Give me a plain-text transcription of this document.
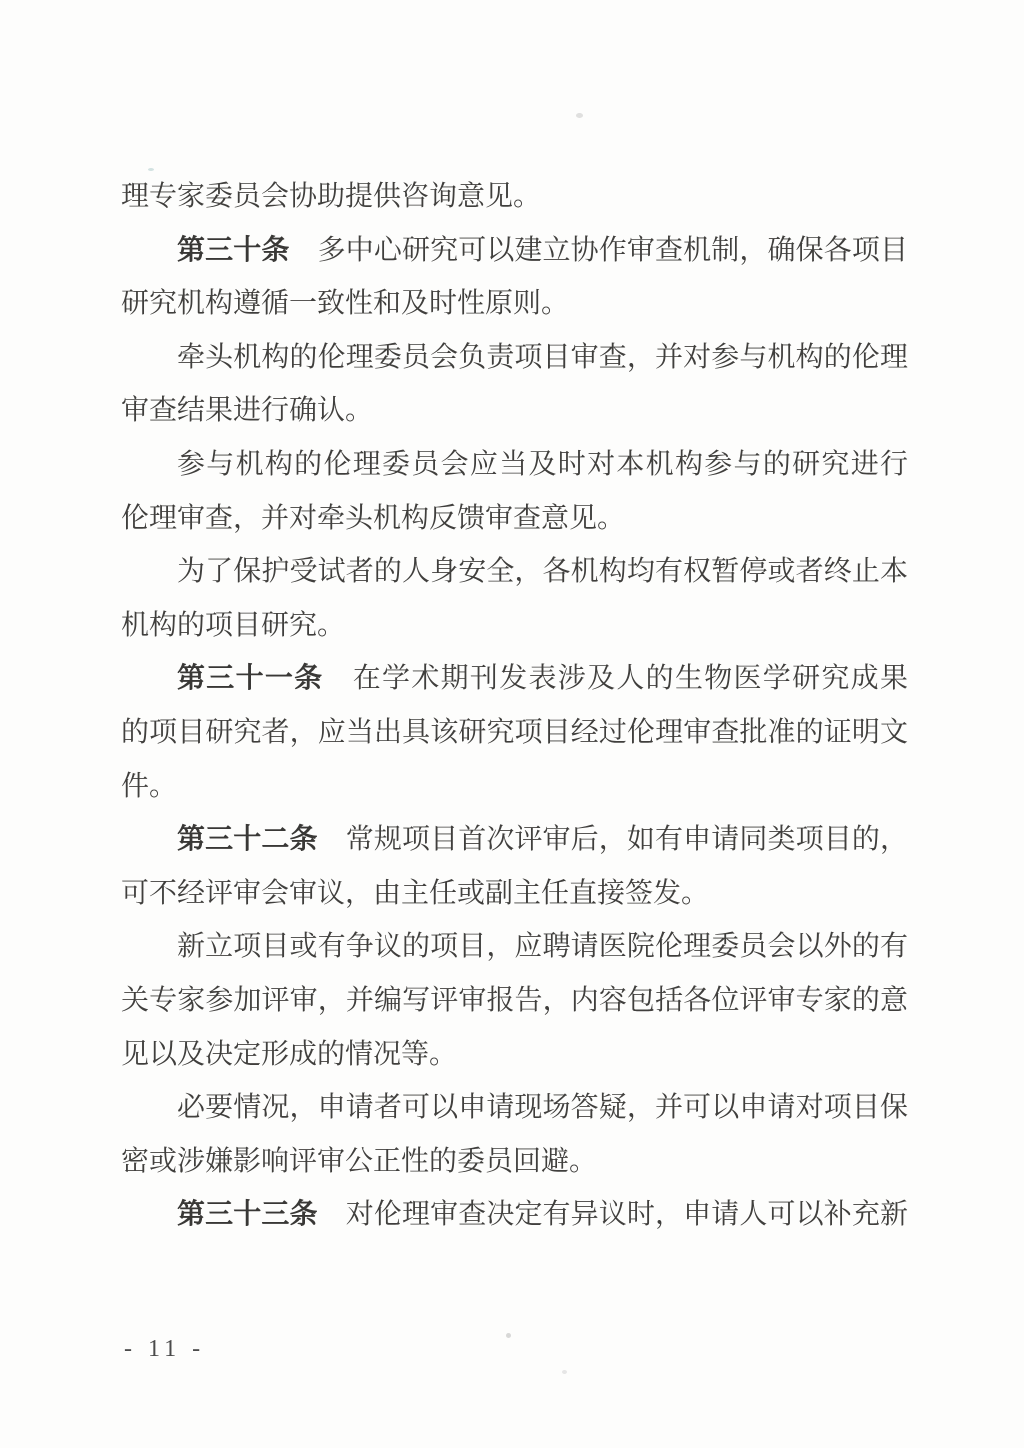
理专家委员会协助提供咨询意见。
第三十条　多中心研究可以建立协作审查机制，确保各项目
研究机构遵循一致性和及时性原则。
牵头机构的伦理委员会负责项目审查，并对参与机构的伦理
审查结果进行确认。
参与机构的伦理委员会应当及时对本机构参与的研究进行
伦理审查，并对牵头机构反馈审查意见。
为了保护受试者的人身安全，各机构均有权暂停或者终止本
机构的项目研究。
第三十一条　在学术期刊发表涉及人的生物医学研究成果
的项目研究者，应当出具该研究项目经过伦理审查批准的证明文
件。
第三十二条　常规项目首次评审后，如有申请同类项目的，
可不经评审会审议，由主任或副主任直接签发。
新立项目或有争议的项目，应聘请医院伦理委员会以外的有
关专家参加评审，并编写评审报告，内容包括各位评审专家的意
见以及决定形成的情况等。
必要情况，申请者可以申请现场答疑，并可以申请对项目保
密或涉嫌影响评审公正性的委员回避。
第三十三条　对伦理审查决定有异议时，申请人可以补充新
- 11 -
